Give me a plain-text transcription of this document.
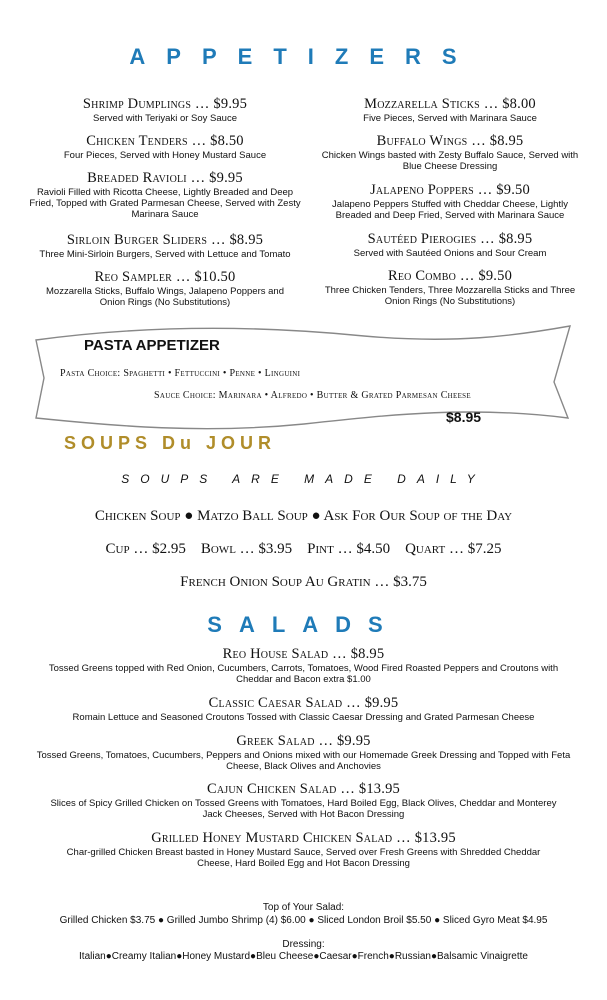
APPETIZERS
Shrimp Dumplings … $9.95
Served with Teriyaki or Soy Sauce
Chicken Tenders … $8.50
Four Pieces, Served with Honey Mustard Sauce
Breaded Ravioli … $9.95
Ravioli Filled with Ricotta Cheese, Lightly Breaded and Deep Fried, Topped with Grated Parmesan Cheese, Served with Zesty Marinara Sauce
Sirloin Burger Sliders … $8.95
Three Mini-Sirloin Burgers, Served with Lettuce and Tomato
Reo Sampler … $10.50
Mozzarella Sticks, Buffalo Wings, Jalapeno Poppers and Onion Rings (No Substitutions)
Mozzarella Sticks … $8.00
Five Pieces, Served with Marinara Sauce
Buffalo Wings … $8.95
Chicken Wings basted with Zesty Buffalo Sauce, Served with Blue Cheese Dressing
Jalapeno Poppers … $9.50
Jalapeno Peppers Stuffed with Cheddar Cheese, Lightly Breaded and Deep Fried, Served with Marinara Sauce
Sautéed Pierogies … $8.95
Served with Sautéed Onions and Sour Cream
Reo Combo … $9.50
Three Chicken Tenders, Three Mozzarella Sticks and Three Onion Rings (No Substitutions)
PASTA APPETIZER
Pasta Choice: Spaghetti • Fettuccini • Penne • Linguini
Sauce Choice: Marinara • Alfredo • Butter & Grated Parmesan Cheese
$8.95
SOUPS Du JOUR
SOUPS ARE MADE DAILY
Chicken Soup ● Matzo Ball Soup ● Ask For Our Soup of the Day
Cup … $2.95    Bowl … $3.95    Pint … $4.50    Quart … $7.25
French Onion Soup Au Gratin … $3.75
SALADS
Reo House Salad … $8.95
Tossed Greens topped with Red Onion, Cucumbers, Carrots, Tomatoes, Wood Fired Roasted Peppers and Croutons with Cheddar and Bacon extra $1.00
Classic Caesar Salad … $9.95
Romain Lettuce and Seasoned Croutons Tossed with Classic Caesar Dressing and Grated Parmesan Cheese
Greek Salad … $9.95
Tossed Greens, Tomatoes, Cucumbers, Peppers and Onions mixed with our Homemade Greek Dressing and Topped with Feta Cheese, Black Olives and Anchovies
Cajun Chicken Salad … $13.95
Slices of Spicy Grilled Chicken on Tossed Greens with Tomatoes, Hard Boiled Egg, Black Olives, Cheddar and Monterey Jack Cheeses, Served with Hot Bacon Dressing
Grilled Honey Mustard Chicken Salad … $13.95
Char-grilled Chicken Breast basted in Honey Mustard Sauce, Served over Fresh Greens with Shredded Cheddar Cheese, Hard Boiled Egg and Hot Bacon Dressing
Top of Your Salad:
Grilled Chicken $3.75 ● Grilled Jumbo Shrimp (4) $6.00 ● Sliced London Broil $5.50 ● Sliced Gyro Meat $4.95
Dressing:
Italian●Creamy Italian●Honey Mustard●Bleu Cheese●Caesar●French●Russian●Balsamic Vinaigrette
